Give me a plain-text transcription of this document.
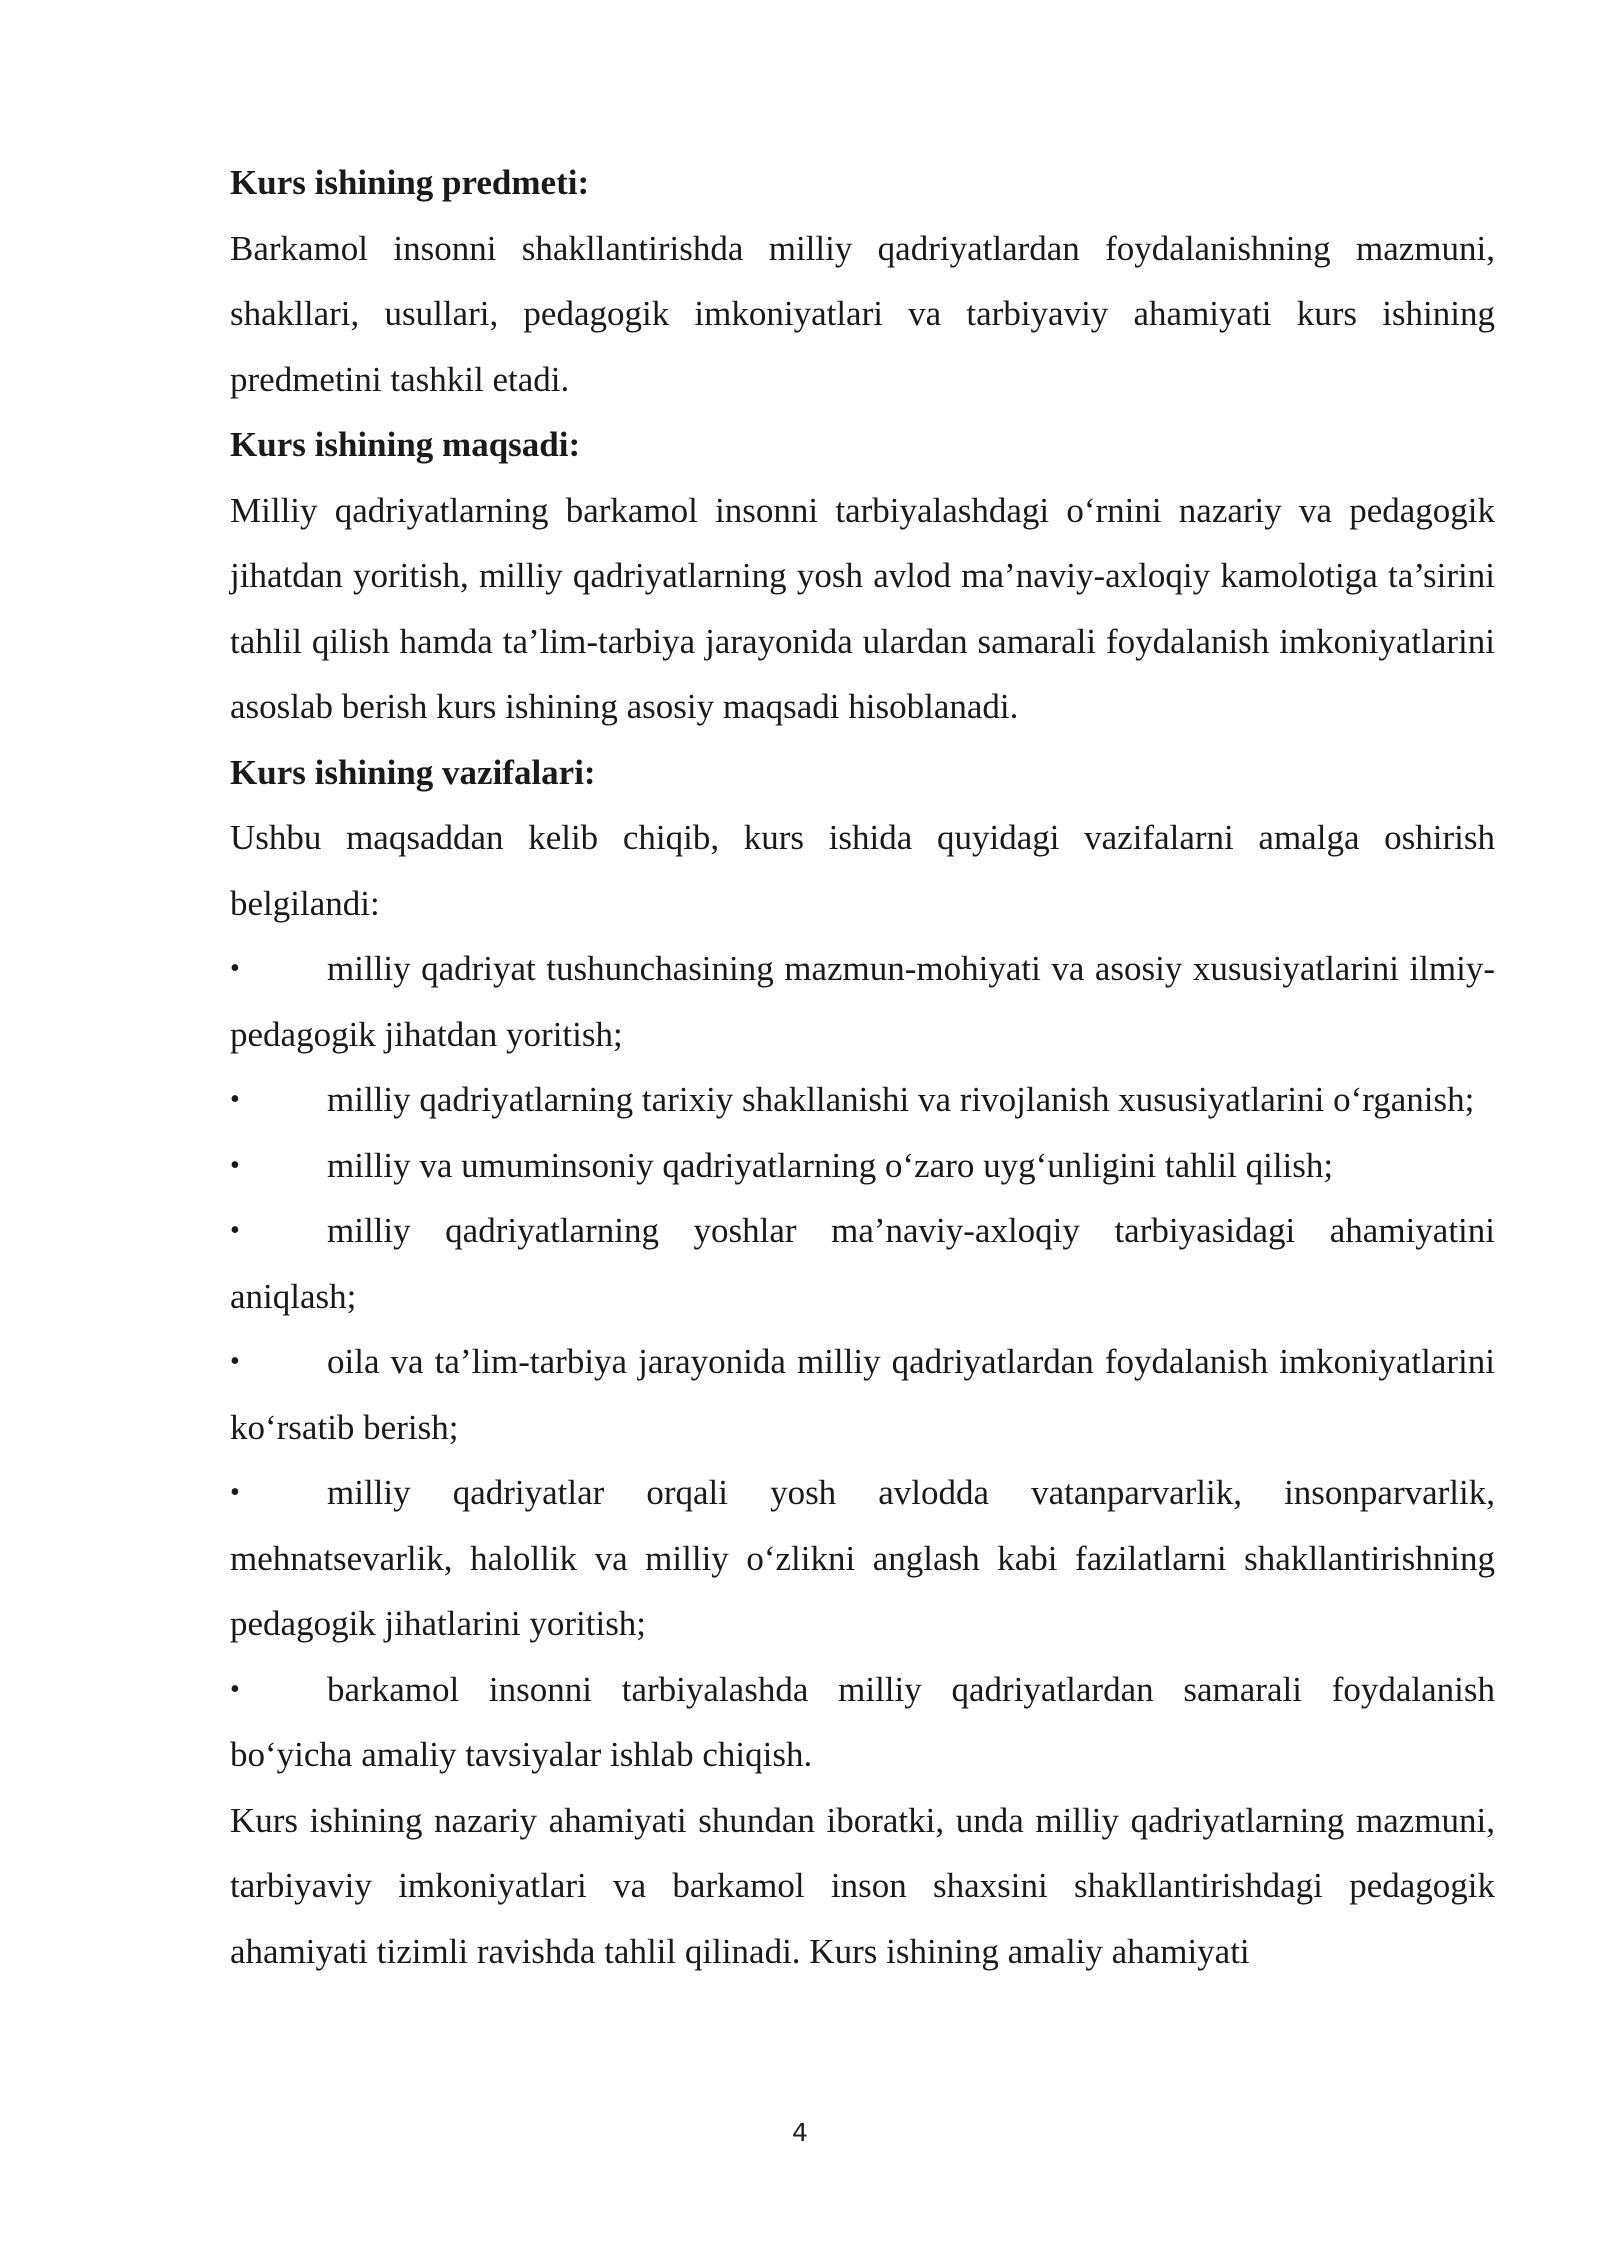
Kurs ishining predmeti:

Barkamol insonni shakllantirishda milliy qadriyatlardan foydalanishning mazmuni, shakllari, usullari, pedagogik imkoniyatlari va tarbiyaviy ahamiyati kurs ishining predmetini tashkil etadi.

Kurs ishining maqsadi:

Milliy qadriyatlarning barkamol insonni tarbiyalashdagi o‘rnini nazariy va pedagogik jihatdan yoritish, milliy qadriyatlarning yosh avlod ma’naviy-axloqiy kamolotiga ta’sirini tahlil qilish hamda ta’lim-tarbiya jarayonida ulardan samarali foydalanish imkoniyatlarini asoslab berish kurs ishining asosiy maqsadi hisoblanadi.

Kurs ishining vazifalari:

Ushbu maqsaddan kelib chiqib, kurs ishida quyidagi vazifalarni amalga oshirish belgilandi:

• milliy qadriyat tushunchasining mazmun-mohiyati va asosiy xususiyatlarini ilmiy-pedagogik jihatdan yoritish;

• milliy qadriyatlarning tarixiy shakllanishi va rivojlanish xususiyatlarini o‘rganish;

• milliy va umuminsoniy qadriyatlarning o‘zaro uyg‘unligini tahlil qilish;

• milliy qadriyatlarning yoshlar ma’naviy-axloqiy tarbiyasidagi ahamiyatini aniqlash;

• oila va ta’lim-tarbiya jarayonida milliy qadriyatlardan foydalanish imkoniyatlarini ko‘rsatib berish;

• milliy qadriyatlar orqali yosh avlodda vatanparvarlik, insonparvarlik, mehnatsevarlik, halollik va milliy o‘zlikni anglash kabi fazilatlarni shakllantirishning pedagogik jihatlarini yoritish;

• barkamol insonni tarbiyalashda milliy qadriyatlardan samarali foydalanish bo‘yicha amaliy tavsiyalar ishlab chiqish.

Kurs ishining nazariy ahamiyati shundan iboratki, unda milliy qadriyatlarning mazmuni, tarbiyaviy imkoniyatlari va barkamol inson shaxsini shakllantirishdagi pedagogik ahamiyati tizimli ravishda tahlil qilinadi. Kurs ishining amaliy ahamiyati

4
